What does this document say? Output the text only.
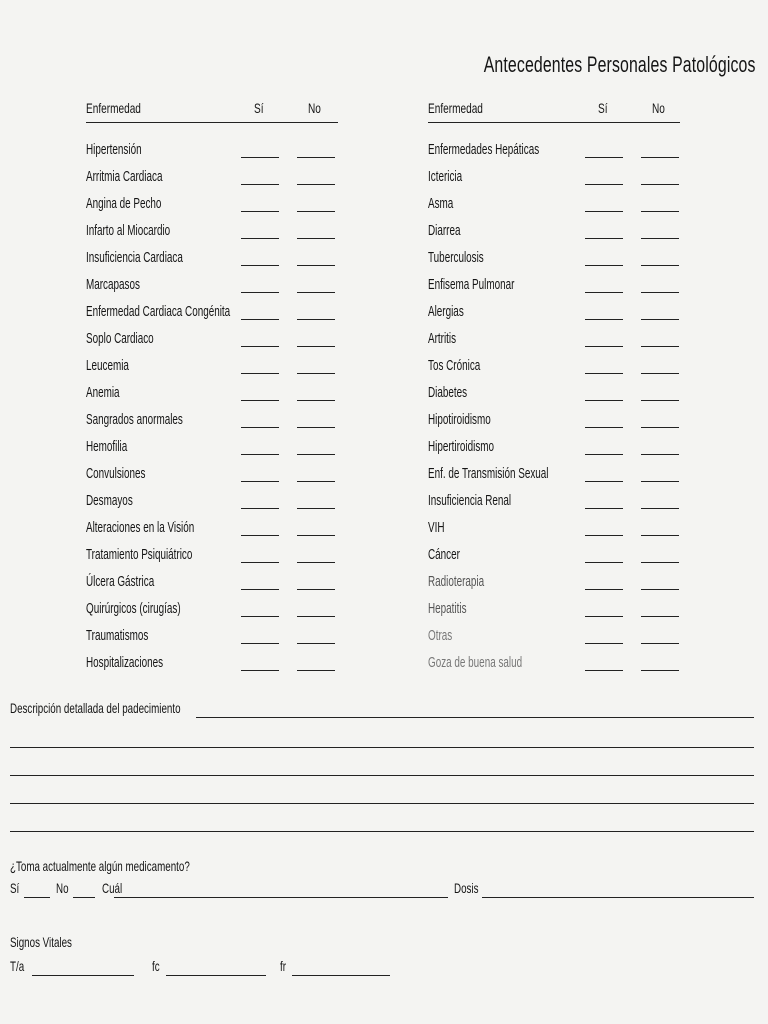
Antecedentes Personales Patológicos
Enfermedad	Sí	No
Hipertensión
Arritmia Cardiaca
Angina de Pecho
Infarto al Miocardio
Insuficiencia Cardiaca
Marcapasos
Enfermedad Cardiaca Congénita
Soplo Cardiaco
Leucemia
Anemia
Sangrados anormales
Hemofilia
Convulsiones
Desmayos
Alteraciones en la Visión
Tratamiento Psiquiátrico
Úlcera Gástrica
Quirúrgicos (cirugías)
Traumatismos
Hospitalizaciones
Enfermedad	Sí	No
Enfermedades Hepáticas
Ictericia
Asma
Diarrea
Tuberculosis
Enfisema Pulmonar
Alergias
Artritis
Tos Crónica
Diabetes
Hipotiroidismo
Hipertiroidismo
Enf. de Transmisión Sexual
Insuficiencia Renal
VIH
Cáncer
Radioterapia
Hepatitis
Otras
Goza de buena salud
Descripción detallada del padecimiento
¿Toma actualmente algún medicamento?
Sí	No Cuál	Dosis
Signos Vitales
T/a	fc	fr
